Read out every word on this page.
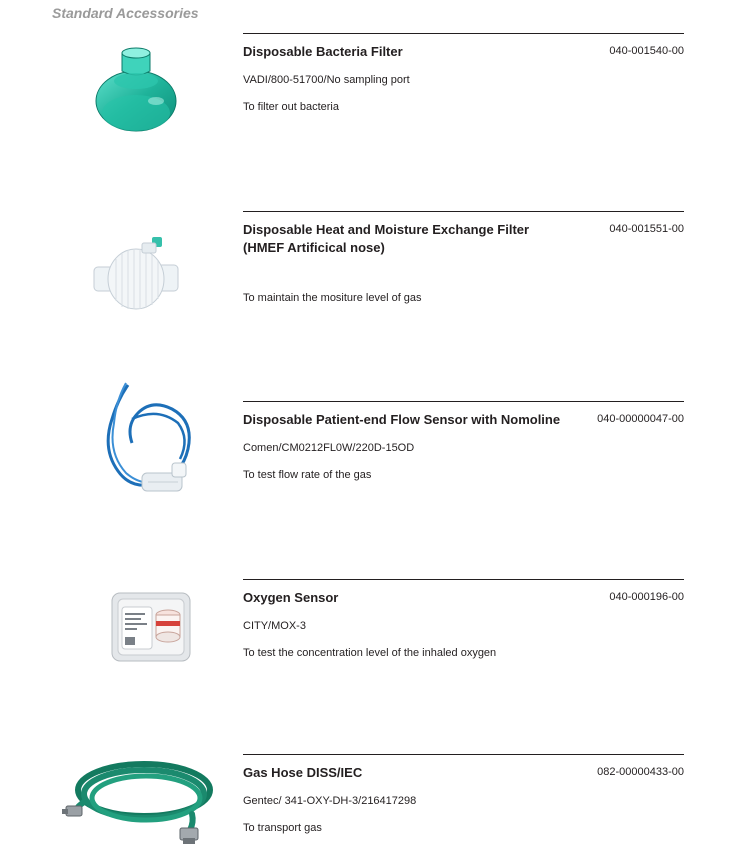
Standard Accessories
Disposable Bacteria Filter	040-001540-00
VADI/800-51700/No sampling port
To filter out bacteria
Disposable Heat and Moisture Exchange Filter
(HMEF Artificical nose)
040-001551-00
To maintain the mositure level of gas
Disposable Patient-end Flow Sensor with Nomoline	040-00000047-00
Comen/CM0212FL0W/220D-15OD
To test flow rate of the gas
Oxygen Sensor	040-000196-00
CITY/MOX-3
To test the concentration level of the inhaled oxygen
Gas Hose DISS/IEC	082-00000433-00
Gentec/ 341-OXY-DH-3/216417298
To transport gas
